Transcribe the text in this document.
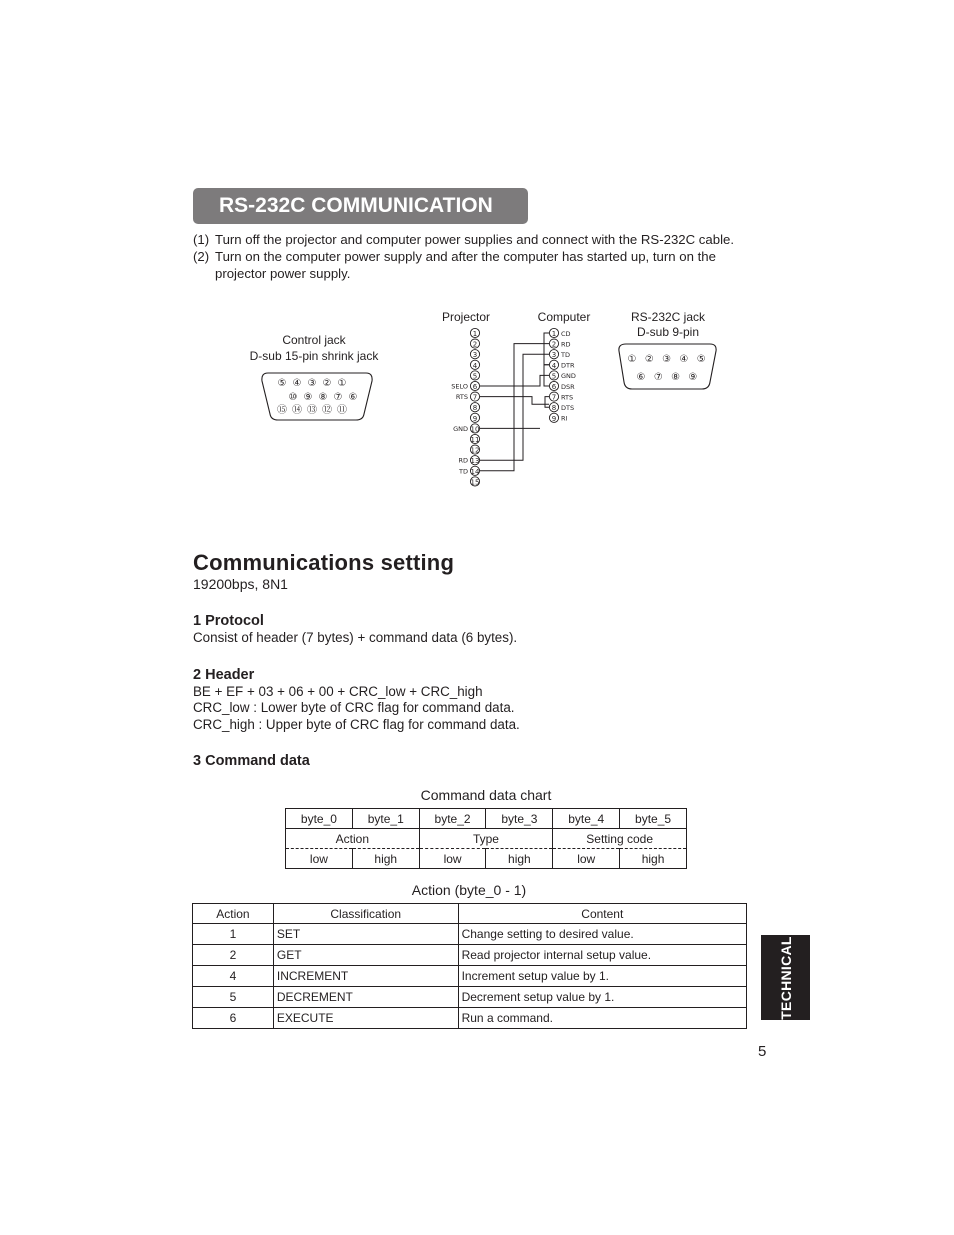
RS-232C COMMUNICATION
(1) Turn off the projector and computer power supplies and connect with the RS-232C cable.
(2) Turn on the computer power supply and after the computer has started up, turn on the projector power supply.
Control jack
D-sub 15-pin shrink jack
Projector	Computer	RS-232C jack
D-sub 9-pin
⑤ ④ ③ ② ①
⑩ ⑨ ⑧ ⑦ ⑥
⑮ ⑭ ⑬ ⑫ ⑪
① ② ③ ④ ⑤
⑥ ⑦ ⑧ ⑨
1
2
3
4
5
6
SELO
7
RTS
8
9
10
GND
11
12
13
RD
14
TD
15
1 CD
2 RD
3 TD
4 DTR
5 GND
6 DSR
7 RTS
8 DTS
9 RI
Communications setting
19200bps, 8N1
1 Protocol
Consist of header (7 bytes) + command data (6 bytes).
2 Header
BE + EF + 03 + 06 + 00 + CRC_low + CRC_high
CRC_low : Lower byte of CRC flag for command data.
CRC_high : Upper byte of CRC flag for command data.
3 Command data
Command data chart
byte_0	byte_1	byte_2	byte_3	byte_4	byte_5
Action		Type		Setting code	
low	high	low	high	low	high
Action (byte_0 - 1)
Action	Classification	Content
1	SET	Change setting to desired value.
2	GET	Read projector internal setup value.
4	INCREMENT	Increment setup value by 1.
5	DECREMENT	Decrement setup value by 1.
6	EXECUTE	Run a command.	TECHNICAL
5
